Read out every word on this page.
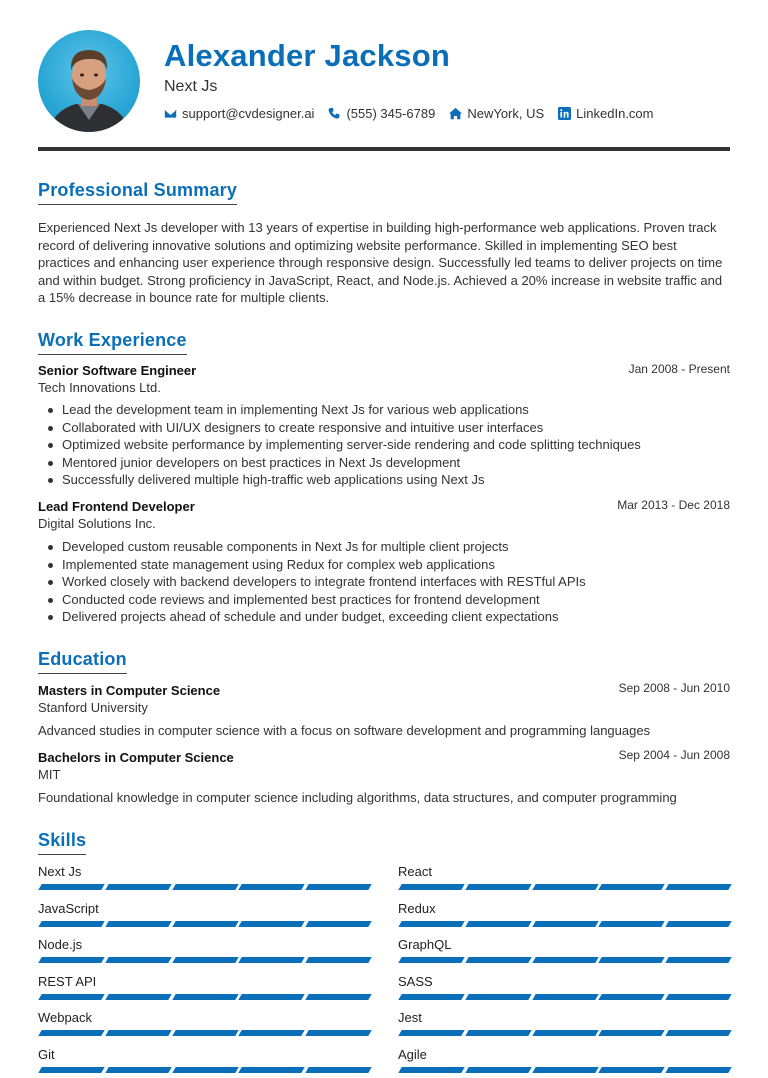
Alexander Jackson
Next Js
support@cvdesigner.ai (555) 345-6789 NewYork, US LinkedIn.com
Professional Summary
Experienced Next Js developer with 13 years of expertise in building high-performance web applications. Proven track record of delivering innovative solutions and optimizing website performance. Skilled in implementing SEO best practices and enhancing user experience through responsive design. Successfully led teams to deliver projects on time and within budget. Strong proficiency in JavaScript, React, and Node.js. Achieved a 20% increase in website traffic and a 15% decrease in bounce rate for multiple clients.
Work Experience
Senior Software Engineer	Jan 2008 - Present
Tech Innovations Ltd.
Lead the development team in implementing Next Js for various web applications
Collaborated with UI/UX designers to create responsive and intuitive user interfaces
Optimized website performance by implementing server-side rendering and code splitting techniques
Mentored junior developers on best practices in Next Js development
Successfully delivered multiple high-traffic web applications using Next Js
Lead Frontend Developer	Mar 2013 - Dec 2018
Digital Solutions Inc.
Developed custom reusable components in Next Js for multiple client projects
Implemented state management using Redux for complex web applications
Worked closely with backend developers to integrate frontend interfaces with RESTful APIs
Conducted code reviews and implemented best practices for frontend development
Delivered projects ahead of schedule and under budget, exceeding client expectations
Education
Masters in Computer Science	Sep 2008 - Jun 2010
Stanford University
Advanced studies in computer science with a focus on software development and programming languages
Bachelors in Computer Science	Sep 2004 - Jun 2008
MIT
Foundational knowledge in computer science including algorithms, data structures, and computer programming
Skills
Next Js	React
JavaScript	Redux
Node.js	GraphQL
REST API	SASS
Webpack	Jest
Git	Agile
